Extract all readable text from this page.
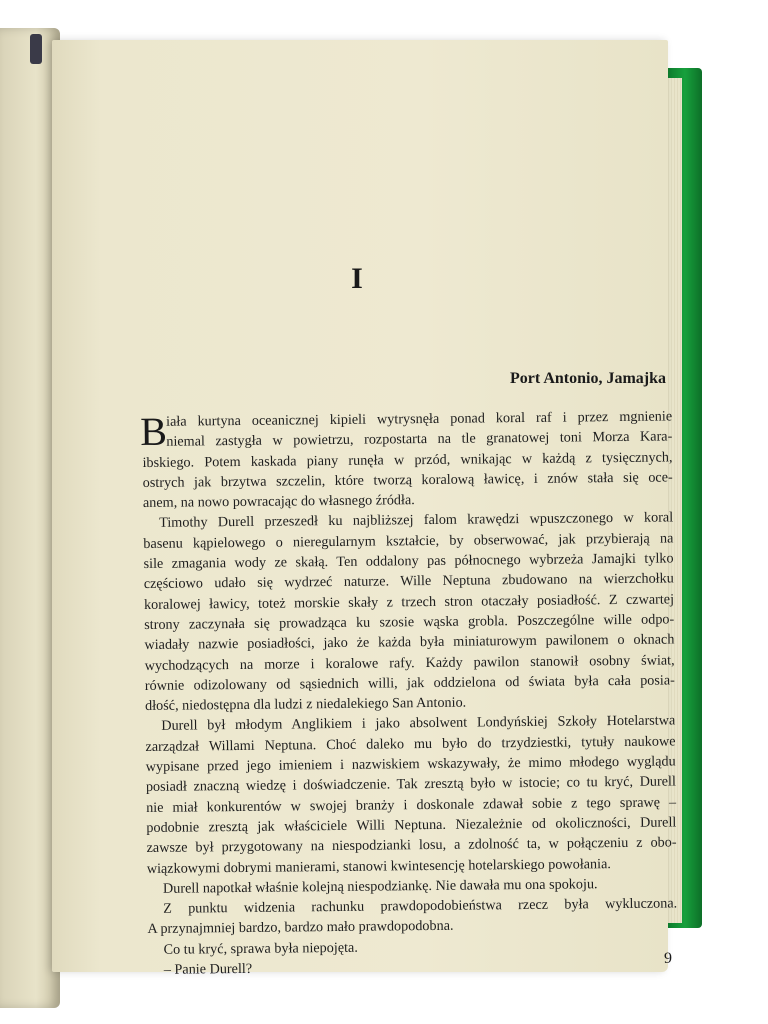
I
Port Antonio, Jamajka
B
iała kurtyna oceanicznej kipieli wytrysnęła ponad koral raf i przez mgnienie
niemal zastygła w powietrzu, rozpostarta na tle granatowej toni Morza Kara-
ibskiego. Potem kaskada piany runęła w przód, wnikając w każdą z tysięcznych,
ostrych jak brzytwa szczelin, które tworzą koralową ławicę, i znów stała się oce-
anem, na nowo powracając do własnego źródła.
Timothy Durell przeszedł ku najbliższej falom krawędzi wpuszczonego w koral
basenu kąpielowego o nieregularnym kształcie, by obserwować, jak przybierają na
sile zmagania wody ze skałą. Ten oddalony pas północnego wybrzeża Jamajki tylko
częściowo udało się wydrzeć naturze. Wille Neptuna zbudowano na wierzchołku
koralowej ławicy, toteż morskie skały z trzech stron otaczały posiadłość. Z czwartej
strony zaczynała się prowadząca ku szosie wąska grobla. Poszczególne wille odpo-
wiadały nazwie posiadłości, jako że każda była miniaturowym pawilonem o oknach
wychodzących na morze i koralowe rafy. Każdy pawilon stanowił osobny świat,
równie odizolowany od sąsiednich willi, jak oddzielona od świata była cała posia-
dłość, niedostępna dla ludzi z niedalekiego San Antonio.
Durell był młodym Anglikiem i jako absolwent Londyńskiej Szkoły Hotelarstwa
zarządzał Willami Neptuna. Choć daleko mu było do trzydziestki, tytuły naukowe
wypisane przed jego imieniem i nazwiskiem wskazywały, że mimo młodego wyglądu
posiadł znaczną wiedzę i doświadczenie. Tak zresztą było w istocie; co tu kryć, Durell
nie miał konkurentów w swojej branży i doskonale zdawał sobie z tego sprawę –
podobnie zresztą jak właściciele Willi Neptuna. Niezależnie od okoliczności, Durell
zawsze był przygotowany na niespodzianki losu, a zdolność ta, w połączeniu z obo-
wiązkowymi dobrymi manierami, stanowi kwintesencję hotelarskiego powołania.
Durell napotkał właśnie kolejną niespodziankę. Nie dawała mu ona spokoju.
Z punktu widzenia rachunku prawdopodobieństwa rzecz była wykluczona.
A przynajmniej bardzo, bardzo mało prawdopodobna.
Co tu kryć, sprawa była niepojęta.
– Panie Durell?
9
